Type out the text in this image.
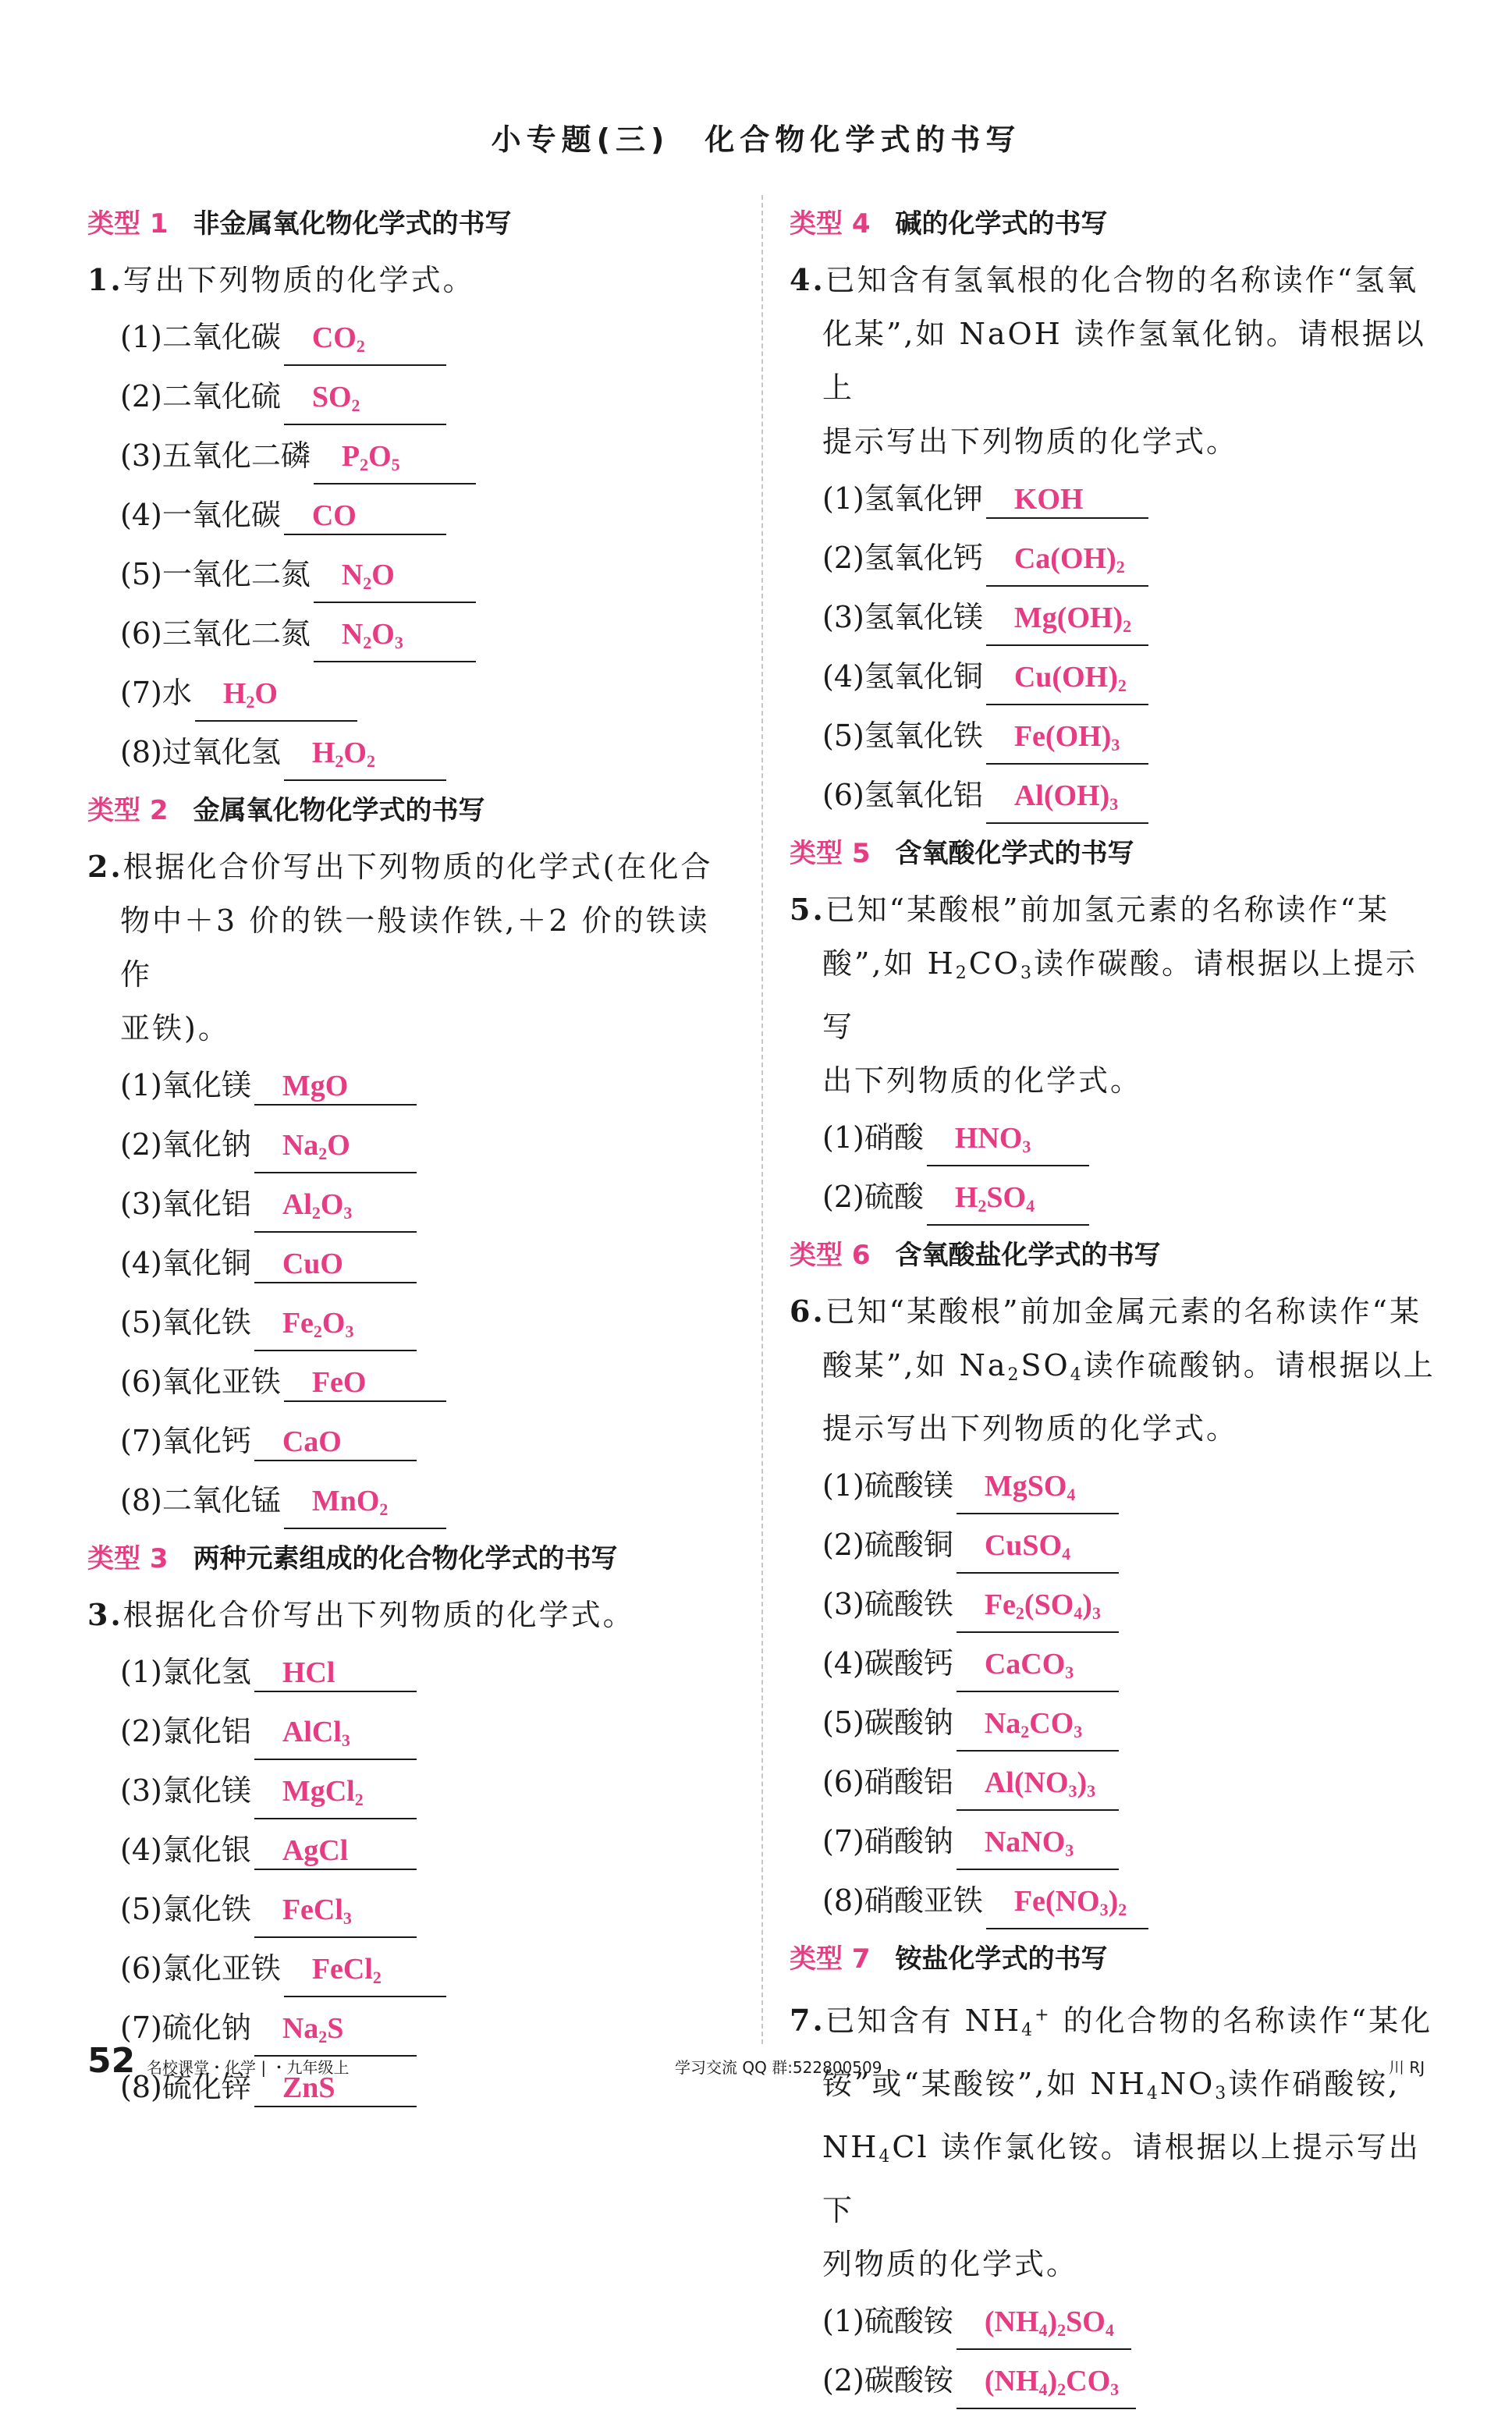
小专题(三)　化合物化学式的书写
类型 1 非金属氧化物化学式的书写
1.写出下列物质的化学式。
(1)二氧化碳 $CO_2$
(2)二氧化硫 $SO_2$
(3)五氧化二磷 $P_2O_5$
(4)一氧化碳 CO
(5)一氧化二氮 $N_2O$
(6)三氧化二氮 $N_2O_3$
(7)水 $H_2O$
(8)过氧化氢 $H_2O_2$
类型 2 金属氧化物化学式的书写
2.根据化合价写出下列物质的化学式(在化合
物中＋3 价的铁一般读作铁,＋2 价的铁读作
亚铁)。
(1)氧化镁 MgO
(2)氧化钠 $Na_2O$
(3)氧化铝 $Al_2O_3$
(4)氧化铜 CuO
(5)氧化铁 $Fe_2O_3$
(6)氧化亚铁 FeO
(7)氧化钙 CaO
(8)二氧化锰 MnO$_2$
类型 3 两种元素组成的化合物化学式的书写
3.根据化合价写出下列物质的化学式。
(1)氯化氢 HCl
(2)氯化铝 AlCl$_3$
(3)氯化镁 MgCl$_2$
(4)氯化银 AgCl
(5)氯化铁 FeCl$_3$
(6)氯化亚铁 FeCl$_2$
(7)硫化钠 $Na_2S$
(8)硫化锌 ZnS
类型 4 碱的化学式的书写
4.已知含有氢氧根的化合物的名称读作“氢氧
化某”,如 NaOH 读作氢氧化钠。请根据以上
提示写出下列物质的化学式。
(1)氢氧化钾 KOH
(2)氢氧化钙 $Ca(OH)_2$
(3)氢氧化镁 $Mg(OH)_2$
(4)氢氧化铜 $Cu(OH)_2$
(5)氢氧化铁 $Fe(OH)_3$
(6)氢氧化铝 $Al(OH)_3$
类型 5 含氧酸化学式的书写
5.已知“某酸根”前加氢元素的名称读作“某
酸”,如 $H_2CO_3$读作碳酸。请根据以上提示写
出下列物质的化学式。
(1)硝酸 $HNO_3$
(2)硫酸 $H_2SO_4$
类型 6 含氧酸盐化学式的书写
6.已知“某酸根”前加金属元素的名称读作“某
酸某”,如 $Na_2SO_4$读作硫酸钠。请根据以上
提示写出下列物质的化学式。
(1)硫酸镁 MgSO$_4$
(2)硫酸铜 CuSO$_4$
(3)硫酸铁 $Fe_2(SO_4)_3$
(4)碳酸钙 CaCO$_3$
(5)碳酸钠 $Na_2CO_3$
(6)硝酸铝 $Al(NO_3)_3$
(7)硝酸钠 NaNO$_3$
(8)硝酸亚铁 $Fe(NO_3)_2$
类型 7 铵盐化学式的书写
7.已知含有 $NH_4^+$ 的化合物的名称读作“某化
铵”或“某酸铵”,如 $NH_4NO_3$读作硝酸铵,
$NH_4Cl$ 读作氯化铵。请根据以上提示写出下
列物质的化学式。
(1)硫酸铵 $(NH_4)_2SO_4$
(2)碳酸铵 $(NH_4)_2CO_3$
52 名校课堂・化学 | ・九年级上	学习交流 QQ 群:522800509	川 RJ
